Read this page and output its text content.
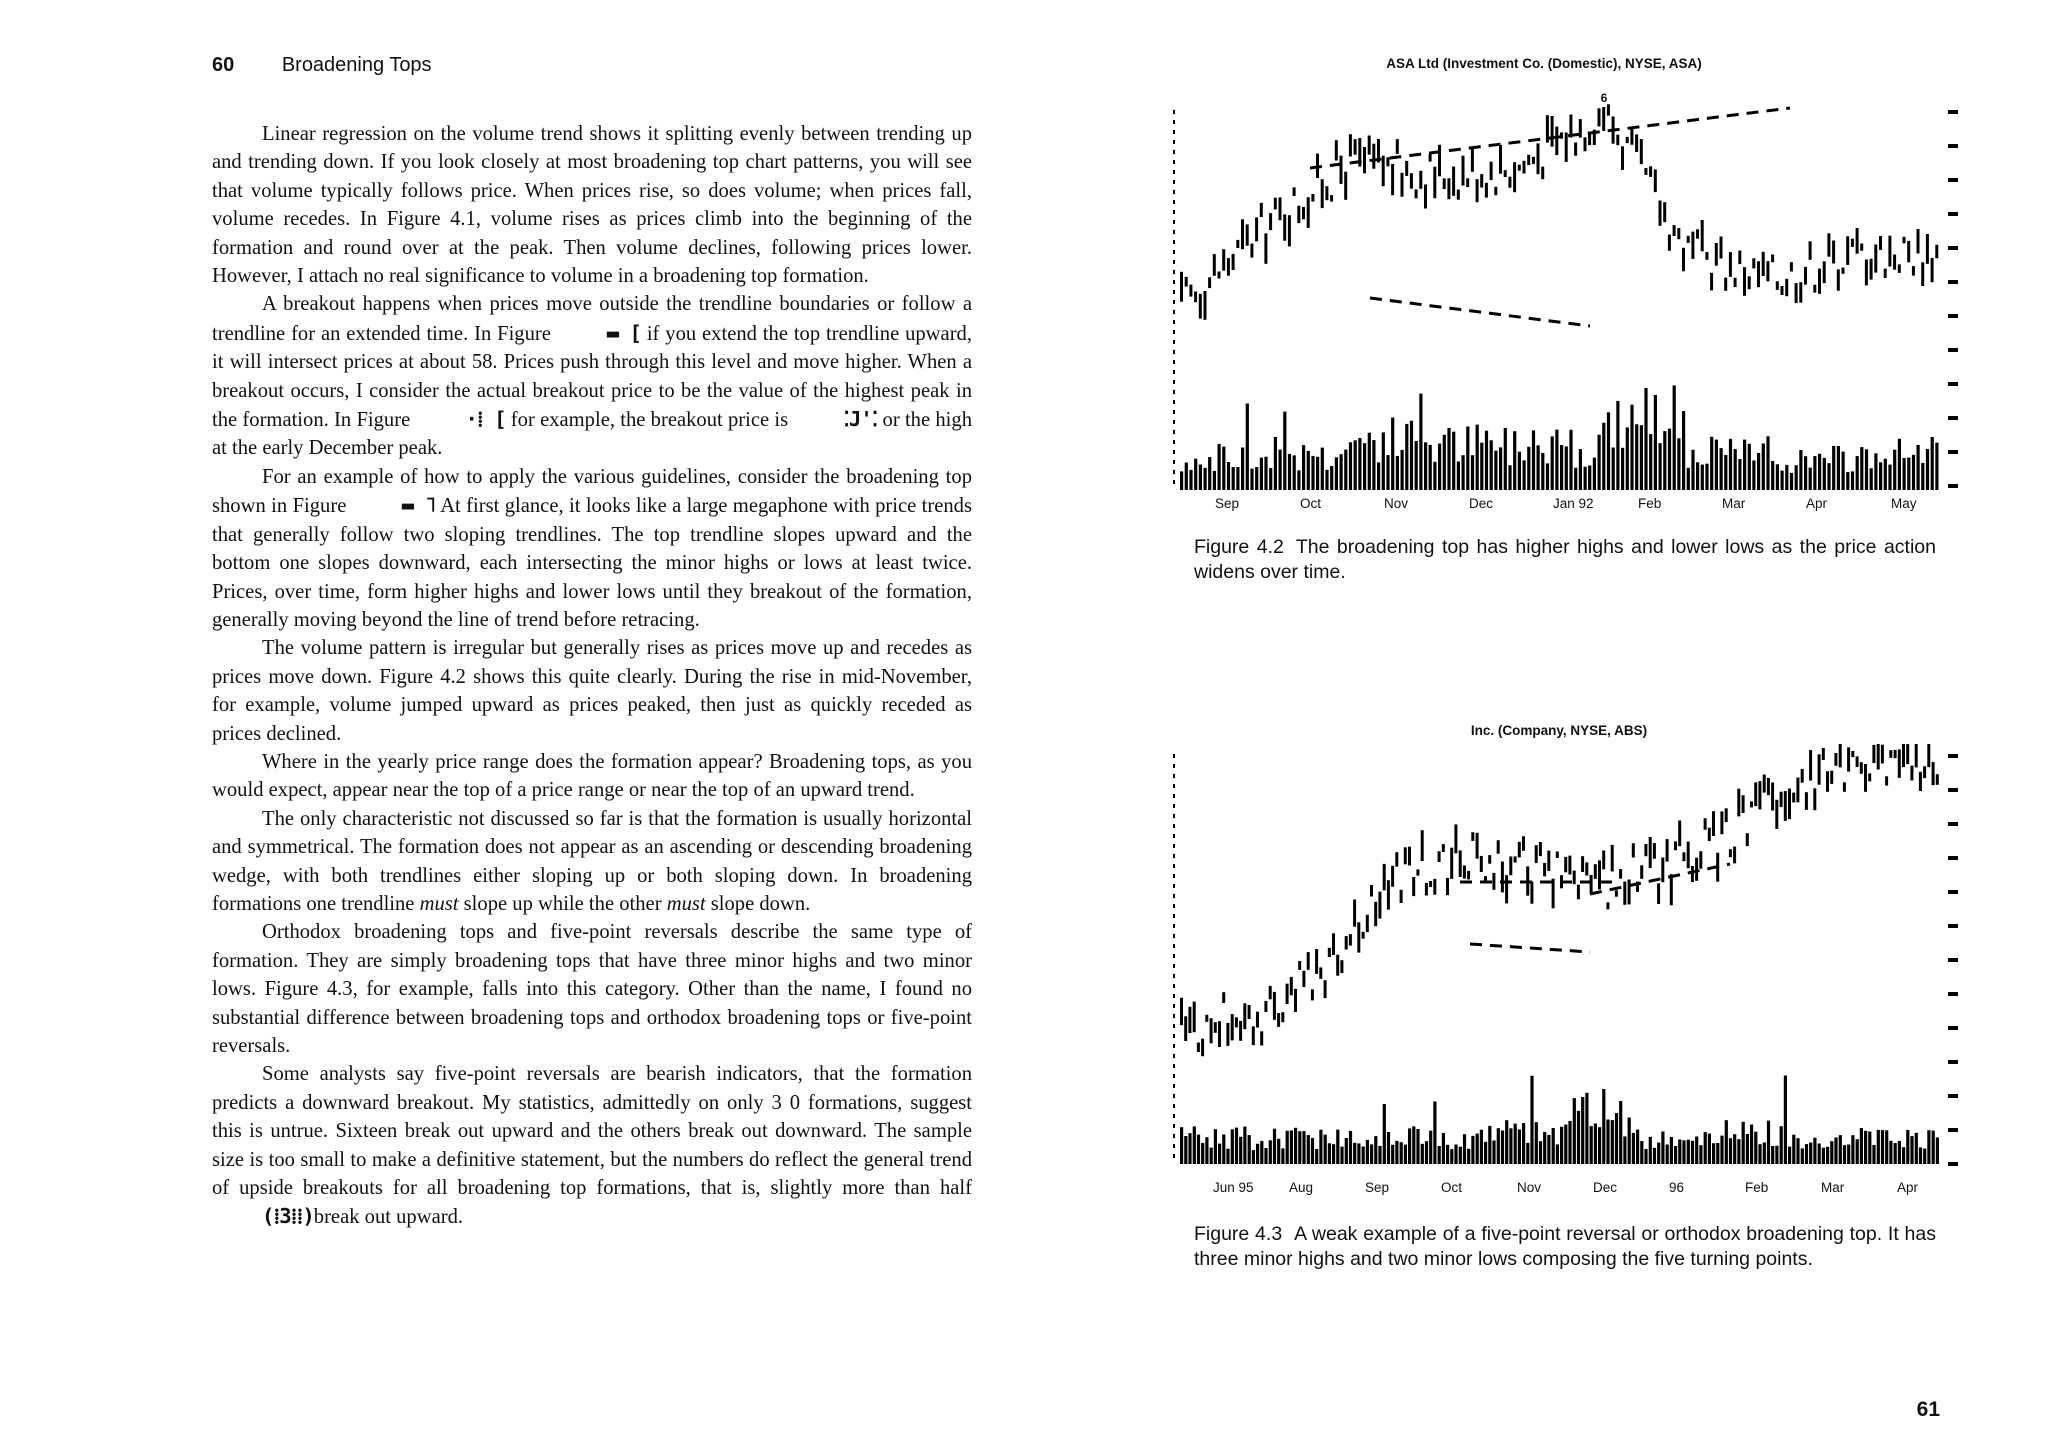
60 Broadening Tops

Linear regression on the volume trend shows it splitting evenly between trending up and trending down. If you look closely at most broadening top chart patterns, you will see that volume typically follows price. When prices rise, so does volume; when prices fall, volume recedes. In Figure 4.1, volume rises as prices climb into the beginning of the formation and round over at the peak. Then volume declines, following prices lower. However, I attach no real significance to volume in a broadening top formation.

A breakout happens when prices move outside the trendline boundaries or follow a trendline for an extended time. In Figure ▬ [ if you extend the top trendline upward, it will intersect prices at about 58. Prices push through this level and move higher. When a breakout occurs, I consider the actual breakout price to be the value of the highest peak in the formation. In Figure ·⁞ [ for example, the breakout price is ⁚J'⁚ or the high at the early December peak.

For an example of how to apply the various guidelines, consider the broadening top shown in Figure ▬ ˥ At first glance, it looks like a large megaphone with price trends that generally follow two sloping trendlines. The top trendline slopes upward and the bottom one slopes downward, each intersecting the minor highs or lows at least twice. Prices, over time, form higher highs and lower lows until they breakout of the formation, generally moving beyond the line of trend before retracing.

The volume pattern is irregular but generally rises as prices move up and recedes as prices move down. Figure 4.2 shows this quite clearly. During the rise in mid-November, for example, volume jumped upward as prices peaked, then just as quickly receded as prices declined.

Where in the yearly price range does the formation appear? Broadening tops, as you would expect, appear near the top of a price range or near the top of an upward trend.

The only characteristic not discussed so far is that the formation is usually horizontal and symmetrical. The formation does not appear as an ascending or descending broadening wedge, with both trendlines either sloping up or both sloping down. In broadening formations one trendline must slope up while the other must slope down.

Orthodox broadening tops and five-point reversals describe the same type of formation. They are simply broadening tops that have three minor highs and two minor lows. Figure 4.3, for example, falls into this category. Other than the name, I found no substantial difference between broadening tops and orthodox broadening tops or five-point reversals.

Some analysts say five-point reversals are bearish indicators, that the formation predicts a downward breakout. My statistics, admittedly on only 3 0 formations, suggest this is untrue. Sixteen break out upward and the others break out downward. The sample size is too small to make a definitive statement, but the numbers do reflect the general trend of upside breakouts for all broadening top formations, that is, slightly more than half (⁞3⁞⁞)break out upward.

ASA Ltd (Investment Co. (Domestic), NYSE, ASA)
6
Sep	Oct	Nov	Dec	Jan 92	Feb	Mar	Apr	May
Figure 4.2 The broadening top has higher highs and lower lows as the price action widens over time.
Inc. (Company, NYSE, ABS)
Jun 95	Aug	Sep	Oct	Nov	Dec	96	Feb	Mar	Apr
Figure 4.3 A weak example of a five-point reversal or orthodox broadening top. It has three minor highs and two minor lows composing the five turning points.
61
